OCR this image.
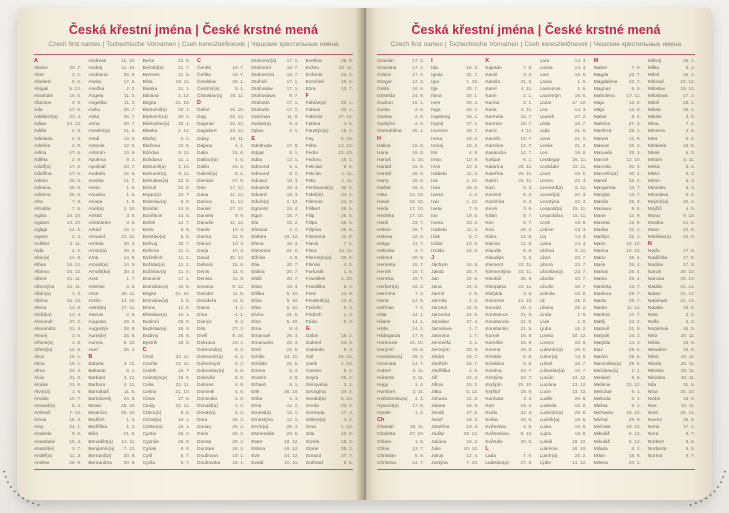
Česká křestní jména | České krstné mená

Czech first names | Tschechische Vornamen | Cseh keresztelőnevek | Чешские крестильные имена

A
Abdon	30. 7.
Ábel	2. 1.
Abelard	5. 6.
Abigail	5. 12.
Abrahám	16. 6.
Absolon	2. 9.
Ada	17. 6.
Adalbert(a) 23. 4.
Adam	24. 12.
Adéla	2. 9.
Adelaida	2. 9.
Adelína	2. 9.
Adina	17. 6.
Adléta	2. 9.
Adolf(a)	17. 6.
Adolfína	17. 6.
Adrian	26. 6.
Adriana	26. 6.
Adriena	26. 6.
Afra	7. 8.
Afrodita	7. 8.
Agáta	14. 10.
Agaton	14. 10.
Aglaja	14. 5.
Agnes	2. 3.
Achiles	2. 11.
Aida	2. 2.
Alan(a)	14. 8.
Alban	16. 12.
Albena	16. 12.
Albert	21. 11.
Albertýna	21. 11.
Albín(a)	1. 3.
Albína	16. 12.
Alena	13. 8.
Aleš(ka)	13. 4.
Alexandr	27. 2.
Alexandra	21. 4.
Alexej	3. 5.
Alfons(a)	1. 8.
Alfréd(a)	14. 8.
Alice	15. 1.
Alina	15. 1.
Alma	24. 4.
Alois	21. 6.
Aloisie	21. 6.
Alvin(a)	1. 6.
Amálie	10. 7.
Amand(a)	6. 2.
Ambrož	7. 12.
Ámos	16. 3.
Amy	24. 1.
Anabela	9. 6.
Anastázie	15. 4.
Anatol(ie)	3. 7.
Anděl(a)	11. 3.
Andrea	26. 9.
Andreas	11. 10.
Andrej	11. 10.
Andriana	26. 9.
Aneta	17. 5.
Anežka	2. 3.
Angela	11. 3.
Angelika	11. 3.
Aniko	26. 7.
Anita	26. 7.
Anna	26. 7.
Anselm(a)	21. 4.
Antal	13. 6.
Antonie	12. 6.
Antonín	13. 6.
Apolena	9. 2.
Apolinář	23. 7.
Arabela	22. 6.
Aranka	21. 7.
Areta	1. 9.
Ariadna	1. 9.
Ariana	1. 9.
Ariel(a)	1. 10.
Aristid	3. 9.
Aristoteles	3. 9.
Arkád	12. 1.
Armand	23. 12.
Armida	30. 3.
Armin(a)	30. 3.
Arna	14. 9.
Arnold(a)	14. 9.
Arnošt(ka)	30. 3.
Aron	1. 7.
Artemie	6. 6.
Artur	26. 11.
Arzén	14. 12.
Astrid(a)	27. 11.
Atanas	2. 5.
Augusta	29. 3.
Augustýn	28. 8.
Aurel(ie)	25. 9.
Aurora	8. 10.
Axel	26. 3.
B
Babeta	4. 12.
Baltazar	6. 1.
Barbara	4. 12.
Barbora	4. 12.
Barnabáš	11. 6.
Bartoloměj	24. 8.
Beáta	25. 10.
Beatricie	25. 10.
Bedřich	1. 3.
Bedřiška	1. 3.
Běla	21. 5.
Benedikt(a) 12. 11.
Benjamín(a) 7. 12.
Bernard(a)	20. 8.
Bernardina 20. 8.
Berta	23. 9.
Bertold(a)	21. 7.
Bertram	11. 5.
Běta	19. 11.
Bianka	21. 1.
Bibiana	2. 12.
Birgita	21. 10.
Blahomil(a) 30. 4.
Blahomír(a) 30. 4.
Blahoslav(a) 30. 4.
Blanka	2. 12.
Blažej	3. 2.
Blažena	10. 5.
Bohdan	9. 11.
Bohdana	11. 1.
Bohumil(a)	3. 10.
Bohumír(a) 8. 11.
Bohuslav(a) 22. 8.
Bohuš	22. 8.
Bojan(a)	15. 7.
Boleslav(a)	6. 9.
Bonifác	14. 5.
Bonifácie	14. 5.
Bořek	12. 7.
Boris	5. 9.
Borislav(a)	5. 9.
Bořivoj	30. 7.
Božena	11. 2.
Božetěch	11. 2.
Božidar(a)	11. 2.
Božislav(a) 11. 2.
Branimír	17. 1.
Branislav(a) 10. 6.
Brigita	21. 10.
Bronislav(a)	3. 9.
Bruno	11. 6.
Břetislav(a) 10. 1.
Budimír	26. 9.
Budislav(a) 26. 9.
Budivoj	26. 9.
Bystrík	19. 9.
C
Cecil	22. 11.
Cecílie	22. 11.
Cedrik	16. 7.
Celestýn(a) 19. 5.
Celia	22. 11.
Celina	21. 10.
César	27. 8.
Cindy	22. 11.
Ctibor(a)	9. 5.
Ctirad(a)	16. 1.
Ctislav(a)	16. 1.
Cyntie	26. 2.
Cyprián	26. 9.
Cyriak	8. 8.
Cyril	5. 7.
Cyrila	5. 7.
Č
Čeněk	19. 7.
Čeňka	19. 7.
Čestislav	26. 1.
Čestmír(a)	8. 1.
Čistoslav(a) 25. 11.
D
Dafné	16. 10.
Dag	20. 12.
Dagmar	20. 12.
Dagobert	23. 12.
Daisy	16. 11.
Dajana	4. 1.
Dalia	15. 6.
Dalibor(a)	4. 6.
Dalila	15. 6.
Dalimil(a)	5. 1.
Damián	27. 9.
Dan	17. 12.
Dana	11. 12.
Danica	11. 12.
Daniel	17. 12.
Daniela	9. 9.
Danuše	11. 12.
Darek	10. 4.
Darina	22. 9.
Dárius	10. 4.
Darja	10. 4.
David	30. 12.
Debora	15. 6.
Denis	11. 9.
Denisa	11. 9.
Desana	9. 12.
Dezider	11. 5.
Dezidera	11. 5.
Diana	4. 1.
Dína	4. 1.
Dionýz	8. 4.
Dita	27. 3.
Diviš	9. 10.
Dobrava	19. 1.
Dobromil(a)	5. 2.
Dobromír(a)	5. 2.
Dobromysl	5. 2.
Dobroslav(a) 5. 6.
Dobruše	5. 6.
Dolores	4. 8.
Dominik	4. 8.
Dominika	4. 8.
Donald(a)	1. 2.
Donát(a)	2. 2.
Dora	26. 2.
Dorian	26. 2.
Doris	26. 2.
Dorota	26. 2.
Dorotea	26. 2.
Doubrava	19. 1.
Doubravka	19. 1.
Drahomil(a) 17. 1.
Drahomír	18. 7.
Drahomíra	18. 7.
Drahoň	17. 1.
Drahoslav	17. 1.
Drahoslava	9. 7.
Drahotín	17. 1.
Drahuše	17. 1.
Dulcinea	11. 8.
Dušan(a)	9. 4.
Dylan	4. 1.
E
Edeltruda	17. 6.
Edgar	8. 1.
Edita	13. 1.
Edmond	5. 1.
Edmund	5. 1.
Eduard	18. 3.
Eduarda	18. 3.
Edvard	18. 3.
Edvín(a)	1. 12.
Egmont	24. 4.
Egon	15. 7.
Ela	15. 2.
Eleazar	4. 1.
Elektra	15. 12.
Elena	16. 3.
Eleonora	21. 2.
Elfrída	2. 8.
Elia	20. 7.
Eliána	20. 7.
Eliáš	20. 7.
Elina	16. 3.
Eliška	5. 10.
Eliza	5. 10.
Elsa	5. 10.
Elvíra	21. 6.
Elza	5. 10.
Ema	8. 4.
Emanuel	26. 3.
Emanuela	26. 3.
Emil	22. 5.
Emílie	24. 11.
Emilián	22. 5.
Emma	8. 4.
Erazim	2. 6.
Erhard	8. 1.
Erik	26. 10.
Erika	2. 4.
Erna	12. 1.
Ernest(a)	12. 1.
Ernestýna	12. 1.
Ervín(a)	26. 4.
Esmeralda	23. 6.
Ester	19. 12.
Estera	19. 12.
Eva	24. 12.
Evald	10. 11.
Evelína	29. 8.
Evžen	10. 11.
Evženie	22. 4.
Ezechiel	10. 4.
Ezra	13. 7.
F
Fabián(a)	20. 1.
Fabius	20. 1.
Fabricie	27. 12.
Fatima	4. 8.
Faustýn(a)	15. 2.
Fay	5. 10.
Féba	13. 12.
Fedor	22. 10.
Fedora	15. 1.
Felicián	9. 6.
Felicita	1. 11.
Felix	1. 11.
Ferdinand(a) 30. 5.
Fidel(ie)	24. 4.
Filemon	24. 3.
Filibert	26. 5.
Filip	26. 5.
Filipa	26. 5.
Filipína	26. 5.
Filomena	11. 8.
Flavie	7. 5.
Flora	24. 11.
Florentýn(a) 20. 6.
Florián	4. 5.
Fortunát	1. 6.
František	4. 10.
Františka	9. 3.
Fred	14. 8.
Frederik(a) 14. 8.
Fridolín	6. 3.
Fridrich	1. 3.
Frída	6. 3.
G
Gabin	19. 2.
Gabriel	24. 3.
Gabriela	8. 3.
Gál	16. 10.
Garik	1. 10.
Gaston	6. 2.
Gejza	25. 2.
Genovéva	3. 1.
Georgína	24. 4.
Gerald(a)	5. 10.
Gerda	23. 4.
Gertruda	17. 3.
Gilbert(a)	4. 2.
Gina	1. 10.
Gita	10. 6.
Gizela	18. 2.
Glorie	25. 3.
Gorazd	27. 7.
Gothard	5. 5.
Česká křestní jména | České krstné mená

Czech first names | Tschechische Vornamen | Cseh keresztelőnevek | Чешские крестильные имена

Gracián	17. 2.
Graciána	17. 2.
Grácie	17. 2.
Gregor	12. 3.
Gréta	16. 6.
Griselda	24. 9.
Gudrun	15. 1.
Gusta	2. 8.
Gustav	2. 8.
Gustýna	2. 8.
Gvendolína 25. 1.
H
Halina	15. 8.
Hana	15. 8.
Hanuš	6. 10.
Harald	15. 5.
Harold	15. 5.
Harry	15. 5.
Haštal	26. 3.
Háta	14. 10.
Havel	16. 10.
Heda	17. 10.
Hedvika	17. 10.
Heidi	23. 7.
Hektor	26. 7.
Helena	18. 8.
Helga	11. 7.
Heliodor	3. 7.
Helmut	20. 9.
Henrieta	15. 7.
Henrik	15. 7.
Henrika	15. 7.
Herbert(a)	16. 3.
Hermína	7. 4.
Herta	14. 6.
Heřman	7. 4.
Hilar	14. 1.
Hilarie	14. 1.
Hilda	14. 1.
Hildegarda 17. 9.
Hortenzie 24. 10.
Horymír	29. 5.
Hostislav(a) 26. 4.
Hroznata	14. 7.
Hubert	3. 11.
Huberta	3. 11.
Hugo	1. 4.
Humbert	3. 11.
Hvězdoslav(a) 4. 2.
Hyacint(a)	17. 8.
Hynek	1. 2.
Ch
Chantal	28. 11.
Charlota	27. 10.
Chiara	1. 8.
Chloe	13. 7.
Christian	5. 8.
Christina	24. 7.
I
Ida	15. 3.
Ignác	31. 7.
Igor	1. 10.
Ilja	20. 7.
Ilona	20. 1.
Ines	20. 4.
Inga	26. 1.
Ingeborg	26. 1.
Ingrid	27. 1.
Inocenc	28. 7.
Irena	16. 4.
Irenej	16. 4.
Iris	4. 9.
Irma	10. 9.
Irvin	10. 9.
Isabela	11. 4.
Iva	1. 12.
Ivan	25. 6.
Ivana	4. 4.
Ivar	1. 12.
Iveta	7. 6.
Ivo	19. 5.
Ivona	23. 3.
Izabela	11. 4.
Izák	6. 7.
Izidor	10. 5.
Izolda	15. 6.
J
Jáchym	16. 8.
Jakub	25. 7.
Jan	24. 6.
Jana	24. 5.
Jarmil	2. 6.
Jarmila	4. 2.
Jaromír	24. 9.
Jaromíra	24. 9.
Jaroslav	27. 4.
Jaroslava	1. 7.
Jasmína	1. 7.
Jenovéfa	3. 1.
Jeroným	30. 9.
Jindra	15. 7.
Jindřich	15. 7.
Jindřiška	4. 9.
Jiří	24. 4.
Jiřina	15. 2.
Jitka	5. 12.
Johana	21. 8.
Jolana	15. 9.
Jonáš	27. 9.
Josef	19. 3.
Josefína	19. 3.
Judita	29. 12.
Juliána	16. 2.
Julie	10. 12.
Julius	12. 4.
Justýna	7. 10.
K
Kajetán	7. 8.
Kamil	3. 3.
Kamila	31. 5.
Karel	4. 11.
Karin	2. 1.
Karina	2. 1.
Karla	4. 11.
Karmela	16. 7.
Karmen	16. 7.
Karol	4. 11.
Karolín	14. 7.
Karolína	14. 7.
Kasandra	14. 7.
Kašpar	6. 1.
Katarína	25. 11.
Kateřina	25. 11.
Katrin	25. 11.
Kazi	5. 3.
Kazimír	5. 3.
Kazimíra	5. 3.
Kevin	3. 6.
Kilián	8. 7.
Kim	8. 7.
Kira	28. 2.
Klára	12. 8.
Klarisa	12. 8.
Klaudie	5. 5.
Klaudius	5. 5.
Klement	23. 11.
Klementýna 23. 11.
Kleofáš	25. 9.
Kleopatra	23. 11.
Klotylda	3. 6.
Koloman	13. 10.
Konrád	19. 2.
Konstance	21. 5.
Konstancie 21. 5.
Konstantin	21. 5.
Kornel	16. 9.
Kornélie	16. 9.
Kosma	26. 9.
Kristián	5. 8.
Kristiána	5. 8.
Kristína	24. 7.
Kristýna	24. 7.
Kryšpín	25. 10.
Kryštof	18. 9.
Kunhuta	3. 3.
Kurt	19. 2.
Kvido	31. 3.
Květa	20. 6.
Květoslav	4. 5.
Květoslava 8. 12.
Květuše	20. 6.
L
Lada	7. 8.
Ladislav(a) 27. 6.
Lara	14. 3.
Larisa	14. 3.
Lars	16. 6.
Laura	1. 6.
Laurencie	1. 6.
Laurentýn	16. 6.
Lazar	17. 12.
Lea	14. 3.
Leandr	27. 2.
Léda	16. 7.
Lejla	21. 6.
Lena	21. 2.
Lenka	21. 2.
Leo	19. 6.
Leodegar	25. 11.
Leokádie	22. 11.
Leon	19. 6.
Leona	22. 3.
Leonard(a)	6. 11.
Leonid(a)	22. 3.
Leontýna	22. 3.
Leopold(a) 15. 11.
Leopoldina 15. 11.
Leoš	19. 6.
Letície	13. 3.
Lia	14. 3.
Liana	14. 3.
Liběna	6. 11.
Libor	23. 7.
Libora	23. 7.
Liboslav(a) 23. 7.
Libuša	10. 7.
Libuše	10. 7.
Lidmila	16. 9.
Lili	25. 2.
Liliana	25. 2.
Linda	1. 9.
Livie	1. 9.
Ljuba	16. 2.
Loreta	10. 12.
Lorenc	10. 8.
Lubomír(a) 28. 6.
Lubor(a)	13. 9.
Luboš	16. 7.
Luboslav(a) 16. 7.
Lucián	13. 12.
Luciána	13. 12.
Lucie	13. 12.
Luděk	26. 8.
Ludmila	16. 9.
Ludomír(a) 28. 6.
Ludvík(a)	19. 8.
Luisa	19. 8.
Lujza	19. 8.
Lukáš	18. 10.
Lukrécie	18. 10.
Lumír(a)	28. 2.
Lýdie	14. 12.
M
Mabel	7. 9.
Magda	22. 7.
Magdaléna 22. 7.
Magnus	6. 9.
Mahulena 17. 11.
Maja	12. 8.
Mája	12. 8.
Makar	8. 4.
Malvína	27. 3.
Manfred	28. 1.
Manon	12. 9.
Manuel	26. 3.
Manuela	26. 3.
Marcel	12. 10.
Marcela	20. 4.
Marcelín(a) 20. 4.
Marek	25. 4.
Margareta	13. 7.
Margita	13. 7.
Marián	25. 3.
Mariana	8. 9.
Marie	12. 9.
Marieta	12. 9.
Marika	31. 1.
Marilyn	31. 1.
Marin	10. 10.
Marina	10. 10.
Mario	25. 4.
Maris	25. 4.
Marius	25. 4.
Marko	25. 4.
Markéta	13. 7.
Marlena	29. 7.
Marta	29. 7.
Martin	11. 11.
Martina	17. 7.
Matěj	24. 2.
Matouš	21. 9.
Matyáš	24. 2.
Matylda	14. 3.
Max	29. 5.
Maxim	29. 5.
Maxmilián(a) 29. 5.
Mečislav(a)	1. 1.
Medard	8. 6.
Melánie	31. 12.
Melichar	6. 1.
Melinda	6. 1.
Melisa	6. 1.
Michaela	19. 10.
Michal	29. 9.
Michala	19. 10.
Mikoláš	6. 12.
Mikuláš	6. 12.
Milada	8. 2.
Milan	18. 6.
Milena	24. 1.
Milivoj	25. 1.
Milka	8. 2.
Miloň	25. 1.
Milorad	10. 12.
Miloslav	18. 12.
Miloslava	17. 2.
Miloš	25. 1.
Milota	25. 1.
Miluše	3. 8.
Mína	7. 4.
Minerva	2. 5.
Mira	5. 4.
Mirabela	15. 8.
Mirek	6. 3.
Miriam	5. 11.
Mirka	5. 4.
Mirko	6. 3.
Miron	6. 3.
Miroslav	6. 3.
Miroslava	5. 4.
Mojmír(a)	10. 2.
Mojžíš	4. 9.
Mona	9. 10.
Monika	21. 5.
Moric	22. 9.
Mstislav(a) 22. 9.
N
Naďa	17. 9.
Naděžda	17. 9.
Nadina	17. 9.
Narcis	29. 10.
Narcisa	29. 10.
Natálie	21. 12.
Natan	21. 12.
Natanael	21. 12.
Nataša	18. 5.
Nela	2. 2.
Nella	2. 2.
Nepomuk	16. 5.
Nika	20. 11.
Nikita	15. 9.
Nikodém	15. 9.
Nikol	20. 11.
Nikola	20. 11.
Nikolas	20. 11.
Nikoleta	20. 11.
Nila	31. 5.
Nina	24. 10.
Niobe	15. 9.
Noe	10. 11.
Noel	25. 12.
Noemi	25. 8.
Nona	17. 1.
Nora	8. 7.
Norbert	6. 6.
Norberta	6. 6.
Norma	8. 7.
